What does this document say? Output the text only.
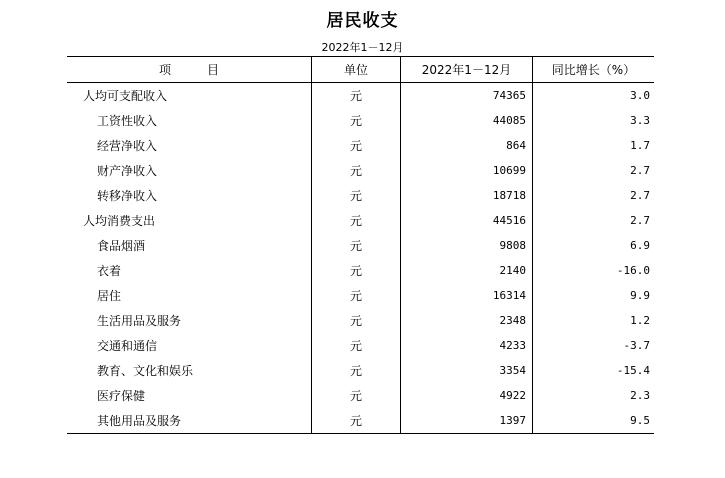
居民收支
2022年1－12月
项　　　目	单位	2022年1－12月	同比增长（%）
人均可支配收入	元	74365	3.0
工资性收入	元	44085	3.3
经营净收入	元	864	1.7
财产净收入	元	10699	2.7
转移净收入	元	18718	2.7
人均消费支出	元	44516	2.7
食品烟酒	元	9808	6.9
衣着	元	2140	-16.0
居住	元	16314	9.9
生活用品及服务	元	2348	1.2
交通和通信	元	4233	-3.7
教育、文化和娱乐	元	3354	-15.4
医疗保健	元	4922	2.3
其他用品及服务	元	1397	9.5
